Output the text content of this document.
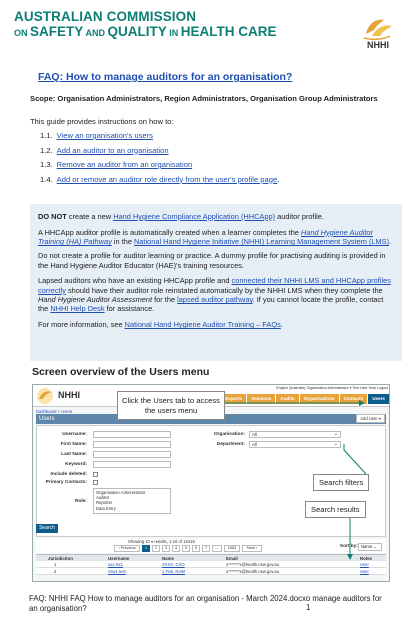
AUSTRALIAN COMMISSION
ON SAFETY AND QUALITY IN HEALTH CARE
NHHI
FAQ: How to manage auditors for an organisation?
Scope: Organisation Administrators, Region Administrators, Organisation Group Administrators
This guide provides instructions on how to:
1.1. View an organisation's users
1.2. Add an auditor to an organisation
1.3. Remove an auditor from an organisation
1.4. Add or remove an auditor role directly from the user's profile page.

DO NOT create a new Hand Hygiene Compliance Application (HHCApp) auditor profile.

A HHCApp auditor profile is automatically created when a learner completes the Hand Hygiene Auditor Training (HA) Pathway in the National Hand Hygiene Initiative (NHHI) Learning Management System (LMS).

Do not create a profile for auditor learning or practice. A dummy profile for practising auditing is provided in the Hand Hygiene Auditor Educator (HAE)'s training resources.

Lapsed auditors who have an existing HHCApp profile and connected their NHHI LMS and HHCApp profiles correctly should have their auditor role reinstated automatically by the NHHI LMS when they complete the Hand Hygiene Auditor Assessment for the lapsed auditor pathway. If you cannot locate the profile, contact the NHHI Help Desk for assistance.

For more information, see National Hand Hygiene Auditor Training – FAQs.

Screen overview of the Users menu
NHHI
English (Australia) Organisation Administrator ▾ Test User Help Logout
Exports	Sessions	Audits	Organisations	Contacts	Users
Click the Users tab to access the users menu
Dashboard > Users
Users	Add User ▾
Username:
First Name:
Last Name:
Keyword:
Include deleted:
Primary Contacts:
Role:
Organisation Administrator
Auditor
Reporter
Data Entry
Organisation:	All	⌄
Department:	All	⌄
Search
Search filters
Search results
Showing 10 ▾ results, 1-10 of 16416
‹ Previous	1	2	3	4	5	6	7	...	1682	Next ›	Sort by: Name ⌄
Jurisdiction	Username	Name	Email	Roles
1	xxx.Nx1	XXXX, CXO	x*******x@health.nsw.gov.au	User
2	nsw1.test	1 Test, NUM	x*******x@health.nsw.gov.au	User
FAQ: NHHI FAQ How to manage auditors for an organisation - March 2024.docxo manage auditors for an organisation?	1
